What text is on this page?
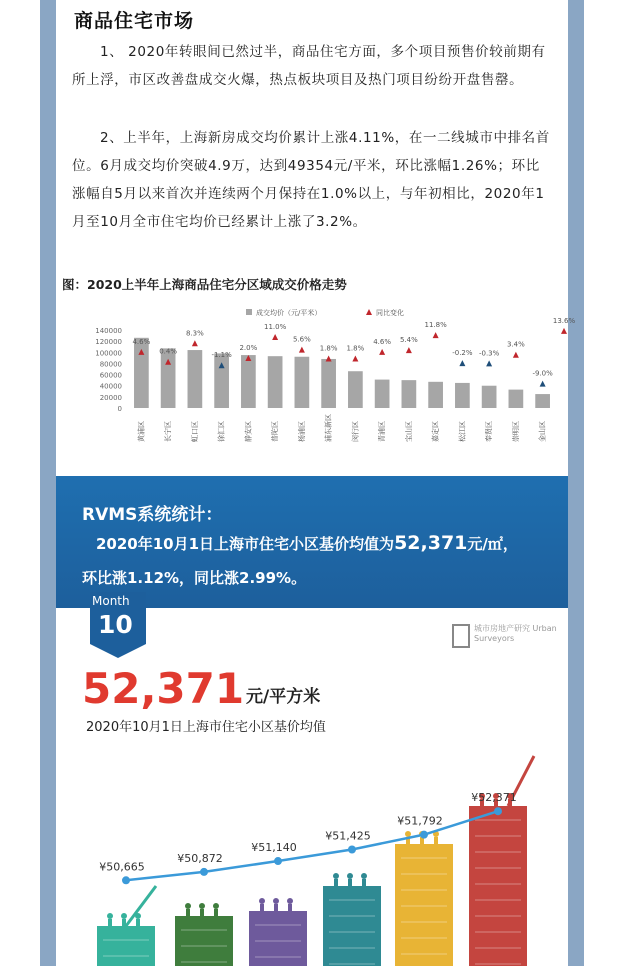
商品住宅市场
1、 2020年转眼间已然过半，商品住宅方面，多个项目预售价较前期有所上浮，市区改善盘成交火爆，热点板块项目及热门项目纷纷开盘售罄。
2、上半年，上海新房成交均价累计上涨4.11%，在一二线城市中排名首位。6月成交均价突破4.9万，达到49354元/平米，环比涨幅1.26%；环比涨幅自5月以来首次并连续两个月保持在1.0%以上，与年初相比，2020年1月至10月全市住宅均价已经累计上涨了3.2%。
图：2020上半年上海商品住宅分区域成交价格走势
成交均价（元/平米）	同比变化
140000
120000
100000
80000
60000
40000
20000
0
黄浦区	长宁区	虹口区	徐汇区	静安区	普陀区	杨浦区	浦东新区	闵行区	青浦区	宝山区	嘉定区	松江区	奉贤区	崇明区	金山区
4.6%
0.4%
8.3%
-1.1%
2.0%
11.0%
5.6%
1.8% 1.8%
4.6% 5.4%
11.8%
-0.2% -0.3%
3.4%
-9.0%
13.6%
RVMS系统统计：
2020年10月1日上海市住宅小区基价均值为52,371元/㎡，
环比涨1.12%，同比涨2.99%。
Month
10	城市房地产研究 Urban Surveyors
52,371 元/平方米
2020年10月1日上海市住宅小区基价均值
¥50,665
¥50,872
¥51,140
¥51,425
¥51,792
¥52,371
